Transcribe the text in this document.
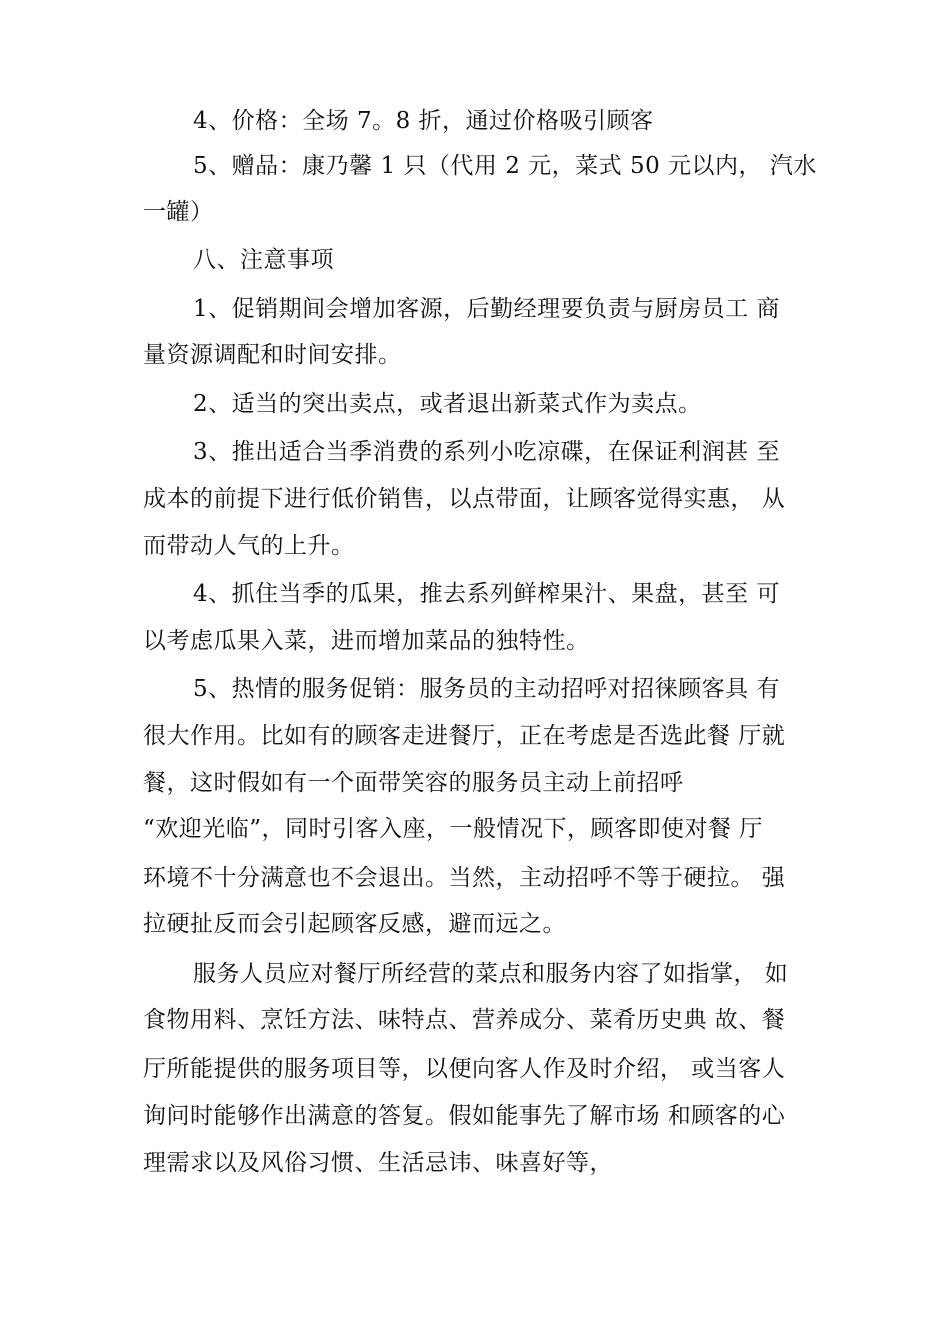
4、价格：全场 7。8 折，通过价格吸引顾客
5、赠品：康乃馨 1 只（代用 2 元，菜式 50 元以内， 汽水
一罐）
八、注意事项
1、促销期间会增加客源，后勤经理要负责与厨房员工 商
量资源调配和时间安排。
2、适当的突出卖点，或者退出新菜式作为卖点。
3、推出适合当季消费的系列小吃凉碟，在保证利润甚 至
成本的前提下进行低价销售，以点带面，让顾客觉得实惠， 从
而带动人气的上升。
4、抓住当季的瓜果，推去系列鲜榨果汁、果盘，甚至 可
以考虑瓜果入菜，进而增加菜品的独特性。
5、热情的服务促销：服务员的主动招呼对招徕顾客具 有
很大作用。比如有的顾客走进餐厅，正在考虑是否选此餐 厅就
餐，这时假如有一个面带笑容的服务员主动上前招呼
“欢迎光临”，同时引客入座，一般情况下，顾客即使对餐 厅
环境不十分满意也不会退出。当然，主动招呼不等于硬拉。 强
拉硬扯反而会引起顾客反感，避而远之。
服务人员应对餐厅所经营的菜点和服务内容了如指掌， 如
食物用料、烹饪方法、味特点、营养成分、菜肴历史典 故、餐
厅所能提供的服务项目等，以便向客人作及时介绍， 或当客人
询问时能够作出满意的答复。假如能事先了解市场 和顾客的心
理需求以及风俗习惯、生活忌讳、味喜好等，
